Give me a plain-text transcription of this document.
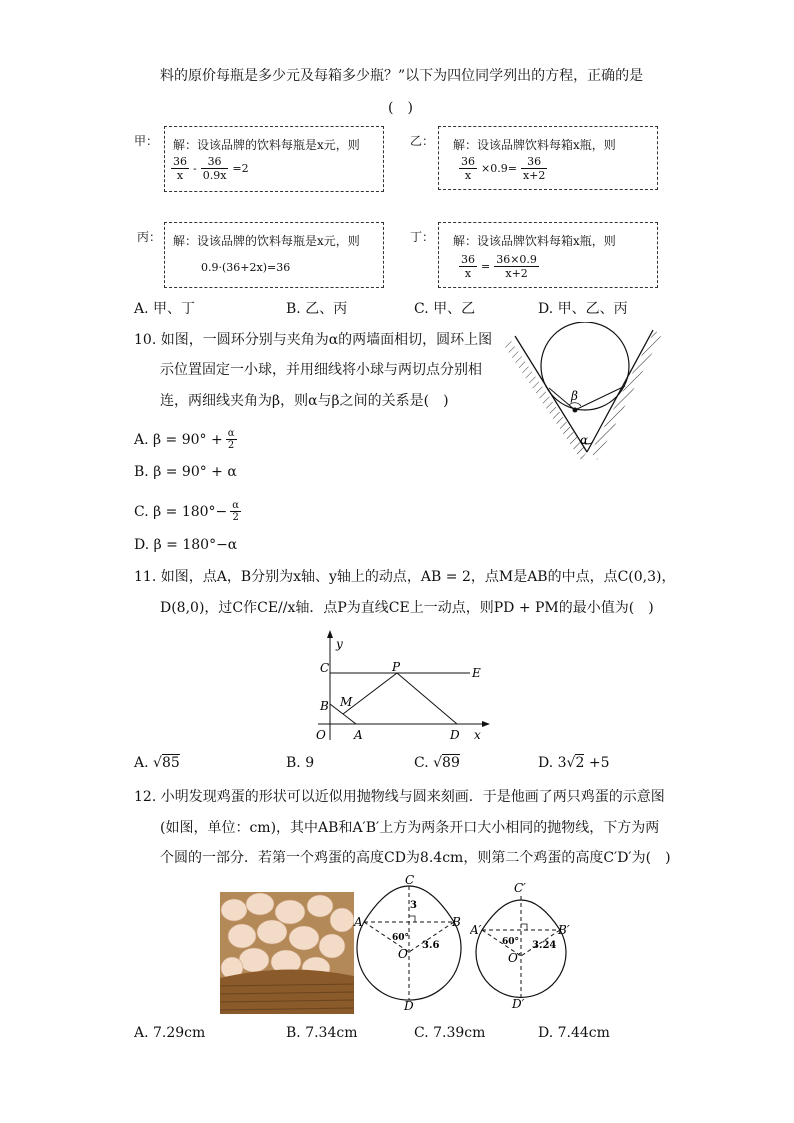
料的原价每瓶是多少元及每箱多少瓶？”以下为四位同学列出的方程，正确的是
(　)
甲： 解：设该品牌的饮料每瓶是x元，则
$\frac{36}{x} - \frac{36}{0.9x} =2$
乙： 解：设该品牌饮料每箱x瓶，则
$\frac{36}{x} \times 0.9= \frac{36}{x+2}$
丙： 解：设该品牌的饮料每瓶是x元，则
0.9·(36+2x)=36
丁： 解：设该品牌饮料每箱x瓶，则
$\frac{36}{x} = \frac{36\times 0.9}{x+2}$
A. 甲、丁	B. 乙、丙	C. 甲、乙	D. 甲、乙、丙
10. 如图，一圆环分别与夹角为α的两墙面相切，圆环上图
示位置固定一小球，并用细线将小球与两切点分别相
连，两细线夹角为β，则α与β之间的关系是(　)
A. $\beta = 90^\circ + \frac{\alpha}{2}$
B. β = 90° + α
C. $\beta = 180^\circ- \frac{\alpha}{2}$
D. β = 180°−α
β
α
11. 如图，点A，B分别为x轴、y轴上的动点，AB = 2，点M是AB的中点，点C(0,3)，
D(8,0)，过C作CE//x轴．点P为直线CE上一动点，则PD + PM的最小值为(　)
y
x
C	P	E
B M
O A	D
A. √85	B. 9	C. √89	D. 3√2 +5
12. 小明发现鸡蛋的形状可以近似用抛物线与圆来刻画．于是他画了两只鸡蛋的示意图
(如图，单位：cm)，其中AB和A′B′上方为两条开口大小相同的抛物线，下方为两
个圆的一部分．若第一个鸡蛋的高度CD为8.4cm，则第二个鸡蛋的高度C′D′为(　)
C
A	B
O
D
3
3.6
60°
C′
A′	B′
O′
D′
3.24
60°
A. 7.29cm	B. 7.34cm	C. 7.39cm	D. 7.44cm
